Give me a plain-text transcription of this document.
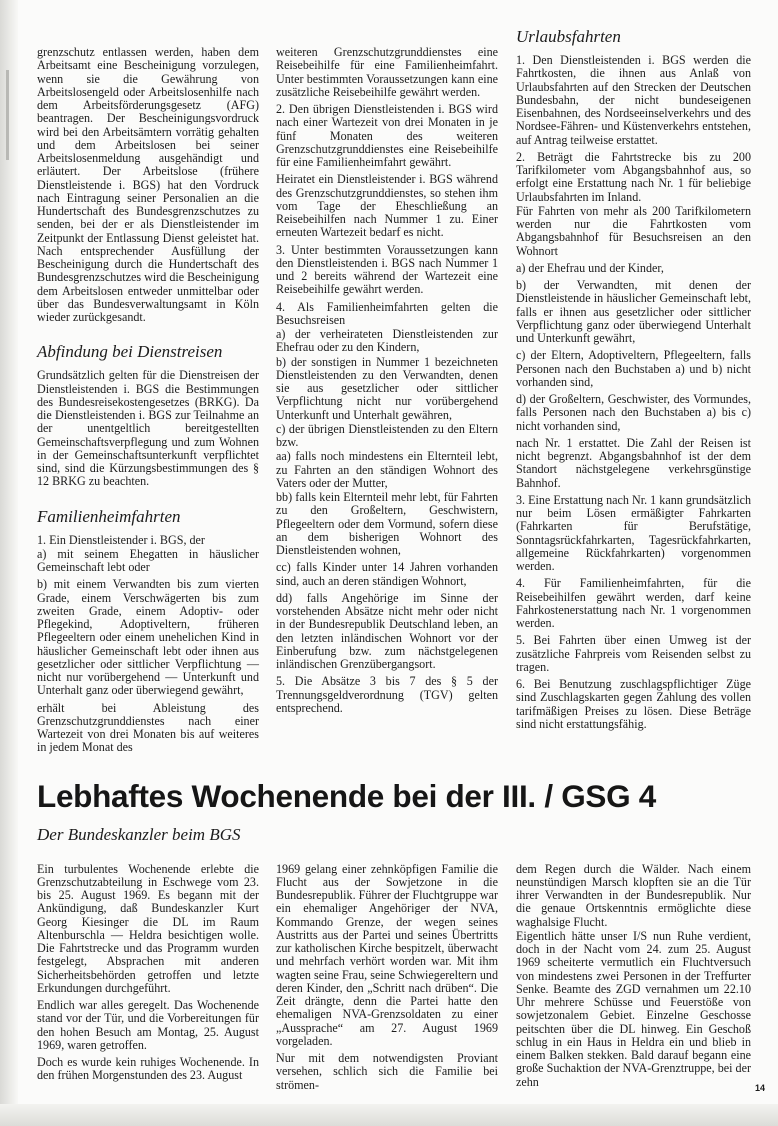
grenzschutz entlassen werden, haben dem Arbeitsamt eine Bescheinigung vorzulegen, wenn sie die Gewährung von Arbeitslosengeld oder Arbeitslosenhilfe nach dem Arbeitsförderungsgesetz (AFG) beantragen. Der Bescheinigungsvordruck wird bei den Arbeitsämtern vorrätig gehalten und dem Arbeitslosen bei seiner Arbeitslosenmeldung ausgehändigt und erläutert. Der Arbeitslose (frühere Dienstleistende i. BGS) hat den Vordruck nach Eintragung seiner Personalien an die Hundertschaft des Bundesgrenzschutzes zu senden, bei der er als Dienstleistender im Zeitpunkt der Entlassung Dienst geleistet hat. Nach entsprechender Ausfüllung der Bescheinigung durch die Hundertschaft des Bundesgrenzschutzes wird die Bescheinigung dem Arbeitslosen entweder unmittelbar oder über das Bundesverwaltungsamt in Köln wieder zurückgesandt.

Abfindung bei Dienstreisen

Grundsätzlich gelten für die Dienstreisen der Dienstleistenden i. BGS die Bestimmungen des Bundesreisekostengesetzes (BRKG). Da die Dienstleistenden i. BGS zur Teilnahme an der unentgeltlich bereitgestellten Gemeinschaftsverpflegung und zum Wohnen in der Gemeinschaftsunterkunft verpflichtet sind, sind die Kürzungsbestimmungen des § 12 BRKG zu beachten.

Familienheimfahrten

1. Ein Dienstleistender i. BGS, der

a) mit seinem Ehegatten in häuslicher Gemeinschaft lebt oder

b) mit einem Verwandten bis zum vierten Grade, einem Verschwägerten bis zum zweiten Grade, einem Adoptiv- oder Pflegekind, Adoptiveltern, früheren Pflegeeltern oder einem unehelichen Kind in häuslicher Gemeinschaft lebt oder ihnen aus gesetzlicher oder sittlicher Verpflichtung — nicht nur vorübergehend — Unterkunft und Unterhalt ganz oder überwiegend gewährt,

erhält bei Ableistung des Grenzschutzgrunddienstes nach einer Wartezeit von drei Monaten bis auf weiteres in jedem Monat des

weiteren Grenzschutzgrunddienstes eine Reisebeihilfe für eine Familienheimfahrt. Unter bestimmten Voraussetzungen kann eine zusätzliche Reisebeihilfe gewährt werden.

2. Den übrigen Dienstleistenden i. BGS wird nach einer Wartezeit von drei Monaten in je fünf Monaten des weiteren Grenzschutzgrunddienstes eine Reisebeihilfe für eine Familienheimfahrt gewährt.

Heiratet ein Dienstleistender i. BGS während des Grenzschutzgrunddienstes, so stehen ihm vom Tage der Eheschließung an Reisebeihilfen nach Nummer 1 zu. Einer erneuten Wartezeit bedarf es nicht.

3. Unter bestimmten Voraussetzungen kann den Dienstleistenden i. BGS nach Nummer 1 und 2 bereits während der Wartezeit eine Reisebeihilfe gewährt werden.

4. Als Familienheimfahrten gelten die Besuchsreisen

a) der verheirateten Dienstleistenden zur Ehefrau oder zu den Kindern,

b) der sonstigen in Nummer 1 bezeichneten Dienstleistenden zu den Verwandten, denen sie aus gesetzlicher oder sittlicher Verpflichtung nicht nur vorübergehend Unterkunft und Unterhalt gewähren,

c) der übrigen Dienstleistenden zu den Eltern bzw.

aa) falls noch mindestens ein Elternteil lebt, zu Fahrten an den ständigen Wohnort des Vaters oder der Mutter,

bb) falls kein Elternteil mehr lebt, für Fahrten zu den Großeltern, Geschwistern, Pflegeeltern oder dem Vormund, sofern diese an dem bisherigen Wohnort des Dienstleistenden wohnen,

cc) falls Kinder unter 14 Jahren vorhanden sind, auch an deren ständigen Wohnort,

dd) falls Angehörige im Sinne der vorstehenden Absätze nicht mehr oder nicht in der Bundesrepublik Deutschland leben, an den letzten inländischen Wohnort vor der Einberufung bzw. zum nächstgelegenen inländischen Grenzübergangsort.

5. Die Absätze 3 bis 7 des § 5 der Trennungsgeldverordnung (TGV) gelten entsprechend.

Urlaubsfahrten

1. Den Dienstleistenden i. BGS werden die Fahrtkosten, die ihnen aus Anlaß von Urlaubsfahrten auf den Strecken der Deutschen Bundesbahn, der nicht bundeseigenen Eisenbahnen, des Nordseeinselverkehrs und des Nordsee-Fähren- und Küstenverkehrs entstehen, auf Antrag teilweise erstattet.

2. Beträgt die Fahrtstrecke bis zu 200 Tarifkilometer vom Abgangsbahnhof aus, so erfolgt eine Erstattung nach Nr. 1 für beliebige Urlaubsfahrten im Inland.

Für Fahrten von mehr als 200 Tarifkilometern werden nur die Fahrtkosten vom Abgangsbahnhof für Besuchsreisen an den Wohnort

a) der Ehefrau und der Kinder,

b) der Verwandten, mit denen der Dienstleistende in häuslicher Gemeinschaft lebt, falls er ihnen aus gesetzlicher oder sittlicher Verpflichtung ganz oder überwiegend Unterhalt und Unterkunft gewährt,

c) der Eltern, Adoptiveltern, Pflegeeltern, falls Personen nach den Buchstaben a) und b) nicht vorhanden sind,

d) der Großeltern, Geschwister, des Vormundes, falls Personen nach den Buchstaben a) bis c) nicht vorhanden sind,

nach Nr. 1 erstattet. Die Zahl der Reisen ist nicht begrenzt. Abgangsbahnhof ist der dem Standort nächstgelegene verkehrsgünstige Bahnhof.

3. Eine Erstattung nach Nr. 1 kann grundsätzlich nur beim Lösen ermäßigter Fahrkarten (Fahrkarten für Berufstätige, Sonntagsrückfahrkarten, Tagesrückfahrkarten, allgemeine Rückfahrkarten) vorgenommen werden.

4. Für Familienheimfahrten, für die Reisebeihilfen gewährt werden, darf keine Fahrkostenerstattung nach Nr. 1 vorgenommen werden.

5. Bei Fahrten über einen Umweg ist der zusätzliche Fahrpreis vom Reisenden selbst zu tragen.

6. Bei Benutzung zuschlagspflichtiger Züge sind Zuschlagskarten gegen Zahlung des vollen tarifmäßigen Preises zu lösen. Diese Beträge sind nicht erstattungsfähig.

Lebhaftes Wochenende bei der III. / GSG 4
Der Bundeskanzler beim BGS

Ein turbulentes Wochenende erlebte die Grenzschutzabteilung in Eschwege vom 23. bis 25. August 1969. Es begann mit der Ankündigung, daß Bundeskanzler Kurt Georg Kiesinger die DL im Raum Altenburschla — Heldra besichtigen wolle. Die Fahrtstrecke und das Programm wurden festgelegt, Absprachen mit anderen Sicherheitsbehörden getroffen und letzte Erkundungen durchgeführt.

Endlich war alles geregelt. Das Wochenende stand vor der Tür, und die Vorbereitungen für den hohen Besuch am Montag, 25. August 1969, waren getroffen.

Doch es wurde kein ruhiges Wochenende. In den frühen Morgenstunden des 23. August

1969 gelang einer zehnköpfigen Familie die Flucht aus der Sowjetzone in die Bundesrepublik. Führer der Fluchtgruppe war ein ehemaliger Angehöriger der NVA, Kommando Grenze, der wegen seines Austritts aus der Partei und seines Übertritts zur katholischen Kirche bespitzelt, überwacht und mehrfach verhört worden war. Mit ihm wagten seine Frau, seine Schwiegereltern und deren Kinder, den „Schritt nach drüben“. Die Zeit drängte, denn die Partei hatte den ehemaligen NVA-Grenzsoldaten zu einer „Aussprache“ am 27. August 1969 vorgeladen.

Nur mit dem notwendigsten Proviant versehen, schlich sich die Familie bei strömen-

dem Regen durch die Wälder. Nach einem neunstündigen Marsch klopften sie an die Tür ihrer Verwandten in der Bundesrepublik. Nur die genaue Ortskenntnis ermöglichte diese waghalsige Flucht.

Eigentlich hätte unser I/S nun Ruhe verdient, doch in der Nacht vom 24. zum 25. August 1969 scheiterte vermutlich ein Fluchtversuch von mindestens zwei Personen in der Treffurter Senke. Beamte des ZGD vernahmen um 22.10 Uhr mehrere Schüsse und Feuerstöße von sowjetzonalem Gebiet. Einzelne Geschosse peitschten über die DL hinweg. Ein Geschoß schlug in ein Haus in Heldra ein und blieb in einem Balken stekken. Bald darauf begann eine große Suchaktion der NVA-Grenztruppe, bei der zehn	14
